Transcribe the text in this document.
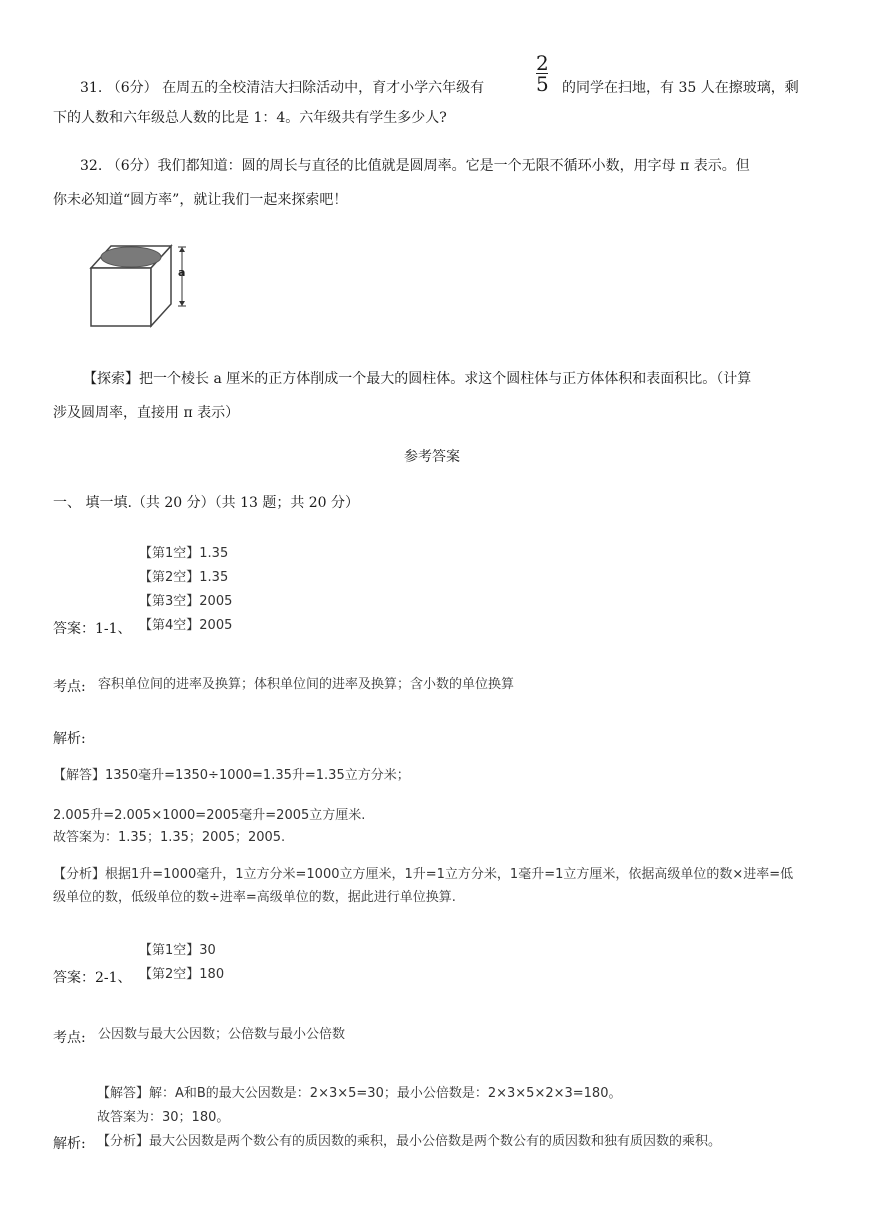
31. （6分） 在周五的全校清洁大扫除活动中，育才小学六年级有
2
5 的同学在扫地，有 35 人在擦玻璃，剩
下的人数和六年级总人数的比是 1：4。六年级共有学生多少人?
32. （6分）我们都知道：圆的周长与直径的比值就是圆周率。它是一个无限不循环小数，用字母 π 表示。但
你未必知道“圆方率”，就让我们一起来探索吧！
a
【探索】把一个棱长 a 厘米的正方体削成一个最大的圆柱体。求这个圆柱体与正方体体积和表面积比。（计算
涉及圆周率，直接用 π 表示）
参考答案
一、 填一填.（共 20 分）（共 13 题；共 20 分）
【第1空】1.35
【第2空】1.35
【第3空】2005
【第4空】2005
答案：1-1、
考点: 容积单位间的进率及换算；体积单位间的进率及换算；含小数的单位换算
解析:
【解答】1350毫升=1350÷1000=1.35升=1.35立方分米；
2.005升=2.005×1000=2005毫升=2005立方厘米.
故答案为：1.35；1.35；2005；2005.
【分析】根据1升=1000毫升，1立方分米=1000立方厘米，1升=1立方分米，1毫升=1立方厘米，依据高级单位的数×进率=低
级单位的数，低级单位的数÷进率=高级单位的数，据此进行单位换算.
【第1空】30
【第2空】180
答案：2-1、
考点: 公因数与最大公因数；公倍数与最小公倍数
【解答】解：A和B的最大公因数是：2×3×5=30；最小公倍数是：2×3×5×2×3=180。
故答案为：30；180。
解析: 【分析】最大公因数是两个数公有的质因数的乘积，最小公倍数是两个数公有的质因数和独有质因数的乘积。
